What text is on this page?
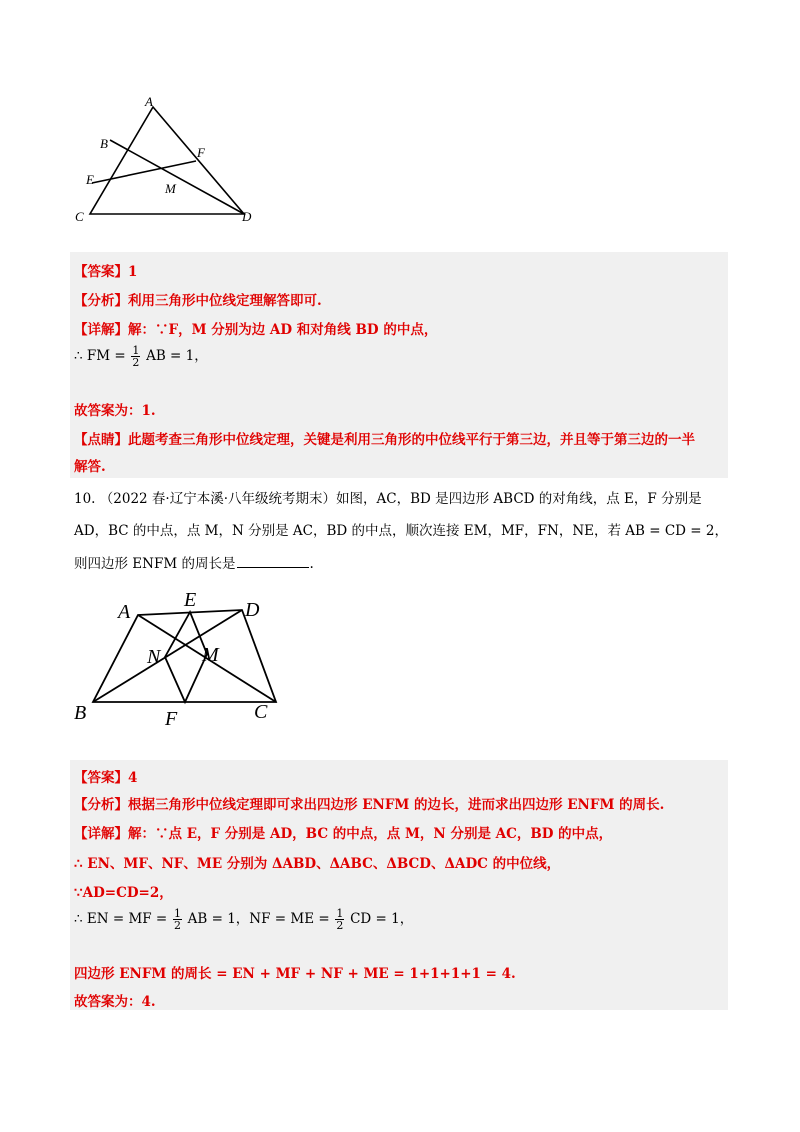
A
B
F
E
M
C	D
【答案】1
【分析】利用三角形中位线定理解答即可.
【详解】解：∵F，M 分别为边 AD 和对角线 BD 的中点，
∴ FM = $\frac{1}{2}$ AB = 1，
故答案为：1.
【点睛】此题考查三角形中位线定理，关键是利用三角形的中位线平行于第三边，并且等于第三边的一半
解答.
10. （2022 春·辽宁本溪·八年级统考期末）如图，AC，BD 是四边形 ABCD 的对角线，点 E，F 分别是
AD，BC 的中点，点 M，N 分别是 AC，BD 的中点，顺次连接 EM，MF，FN，NE，若 AB = CD = 2，
则四边形 ENFM 的周长是	.
A
E D
N M
B	F	C
【答案】4
【分析】根据三角形中位线定理即可求出四边形 ENFM 的边长，进而求出四边形 ENFM 的周长.
【详解】解：∵点 E，F 分别是 AD，BC 的中点，点 M，N 分别是 AC，BD 的中点，
∴ EN、MF、NF、ME 分别为 ΔABD、ΔABC、ΔBCD、ΔADC 的中位线，
∵AD=CD=2，
∴ EN = MF = $\frac{1}{2}$ AB = 1，NF = ME = $\frac{1}{2}$ CD = 1，
四边形 ENFM 的周长 = EN + MF + NF + ME = 1+1+1+1 = 4.
故答案为：4.
